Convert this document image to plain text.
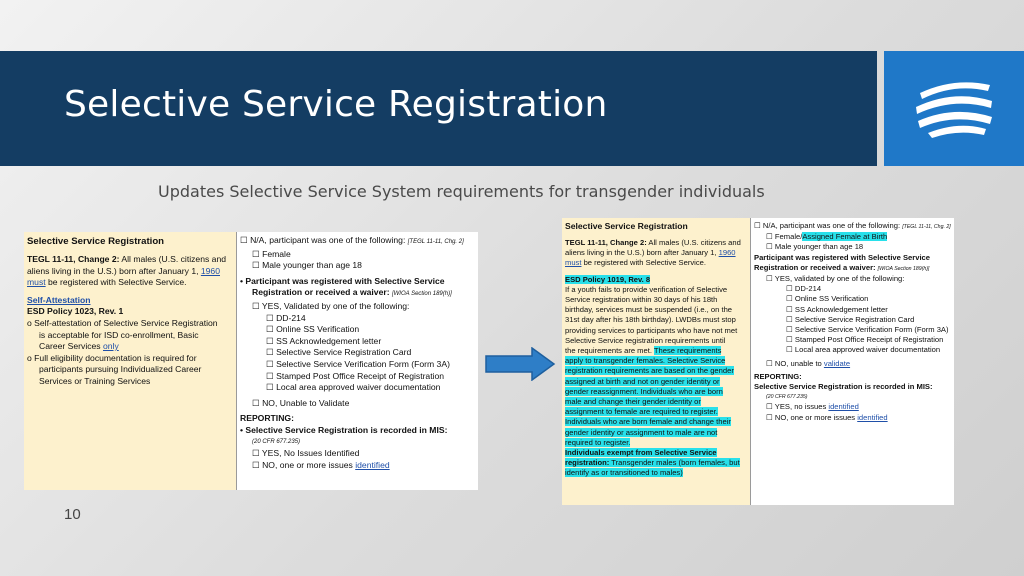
Selective Service Registration
Updates Selective Service System requirements for transgender individuals
Selective Service Registration
TEGL 11-11, Change 2: All males (U.S. citizens and
aliens living in the U.S.) born after January 1, 1960
must be registered with Selective Service.
Self-Attestation
ESD Policy 1023, Rev. 1
o Self-attestation of Selective Service Registration
is acceptable for ISD co-enrollment, Basic
Career Services only
o Full eligibility documentation is required for
participants pursuing Individualized Career
Services or Training Services
☐ N/A, participant was one of the following: [TEGL 11-11, Chg. 2]
☐ Female
☐ Male younger than age 18
• Participant was registered with Selective Service
Registration or received a waiver: [WIOA Section 189(h)]
☐ YES, Validated by one of the following:
☐ DD-214
☐ Online SS Verification
☐ SS Acknowledgement letter
☐ Selective Service Registration Card
☐ Selective Service Verification Form (Form 3A)
☐ Stamped Post Office Receipt of Registration
☐ Local area approved waiver documentation
☐ NO, Unable to Validate
REPORTING:
• Selective Service Registration is recorded in MIS:
(20 CFR 677.235)
☐ YES, No Issues Identified
☐ NO, one or more issues identified
Selective Service Registration
TEGL 11-11, Change 2: All males (U.S. citizens and
aliens living in the U.S.) born after January 1, 1960
must be registered with Selective Service.
ESD Policy 1019, Rev. 8
If a youth fails to provide verification of Selective
Service registration within 30 days of his 18th
birthday, services must be suspended (i.e., on the
31st day after his 18th birthday). LWDBs must stop
providing services to participants who have not met
Selective Service registration requirements until
the requirements are met. These requirements
apply to transgender females. Selective Service
registration requirements are based on the gender
assigned at birth and not on gender identity or
gender reassignment. Individuals who are born
male and change their gender identity or
assignment to female are required to register.
Individuals who are born female and change their
gender identity or assignment to male are not
required to register.
Individuals exempt from Selective Service
registration: Transgender males (born females, but
identify as or transitioned to males)
☐ N/A, participant was one of the following: [TEGL 11-11, Chg. 2]
☐ Female/Assigned Female at Birth
☐ Male younger than age 18
Participant was registered with Selective Service
Registration or received a waiver: [WIOA Section 189(h)]
☐ YES, validated by one of the following:
☐ DD-214
☐ Online SS Verification
☐ SS Acknowledgement letter
☐ Selective Service Registration Card
☐ Selective Service Verification Form (Form 3A)
☐ Stamped Post Office Receipt of Registration
☐ Local area approved waiver documentation
☐ NO, unable to validate
REPORTING:
Selective Service Registration is recorded in MIS:
(20 CFR 677.235)
☐ YES, no issues identified
☐ NO, one or more issues identified
10
